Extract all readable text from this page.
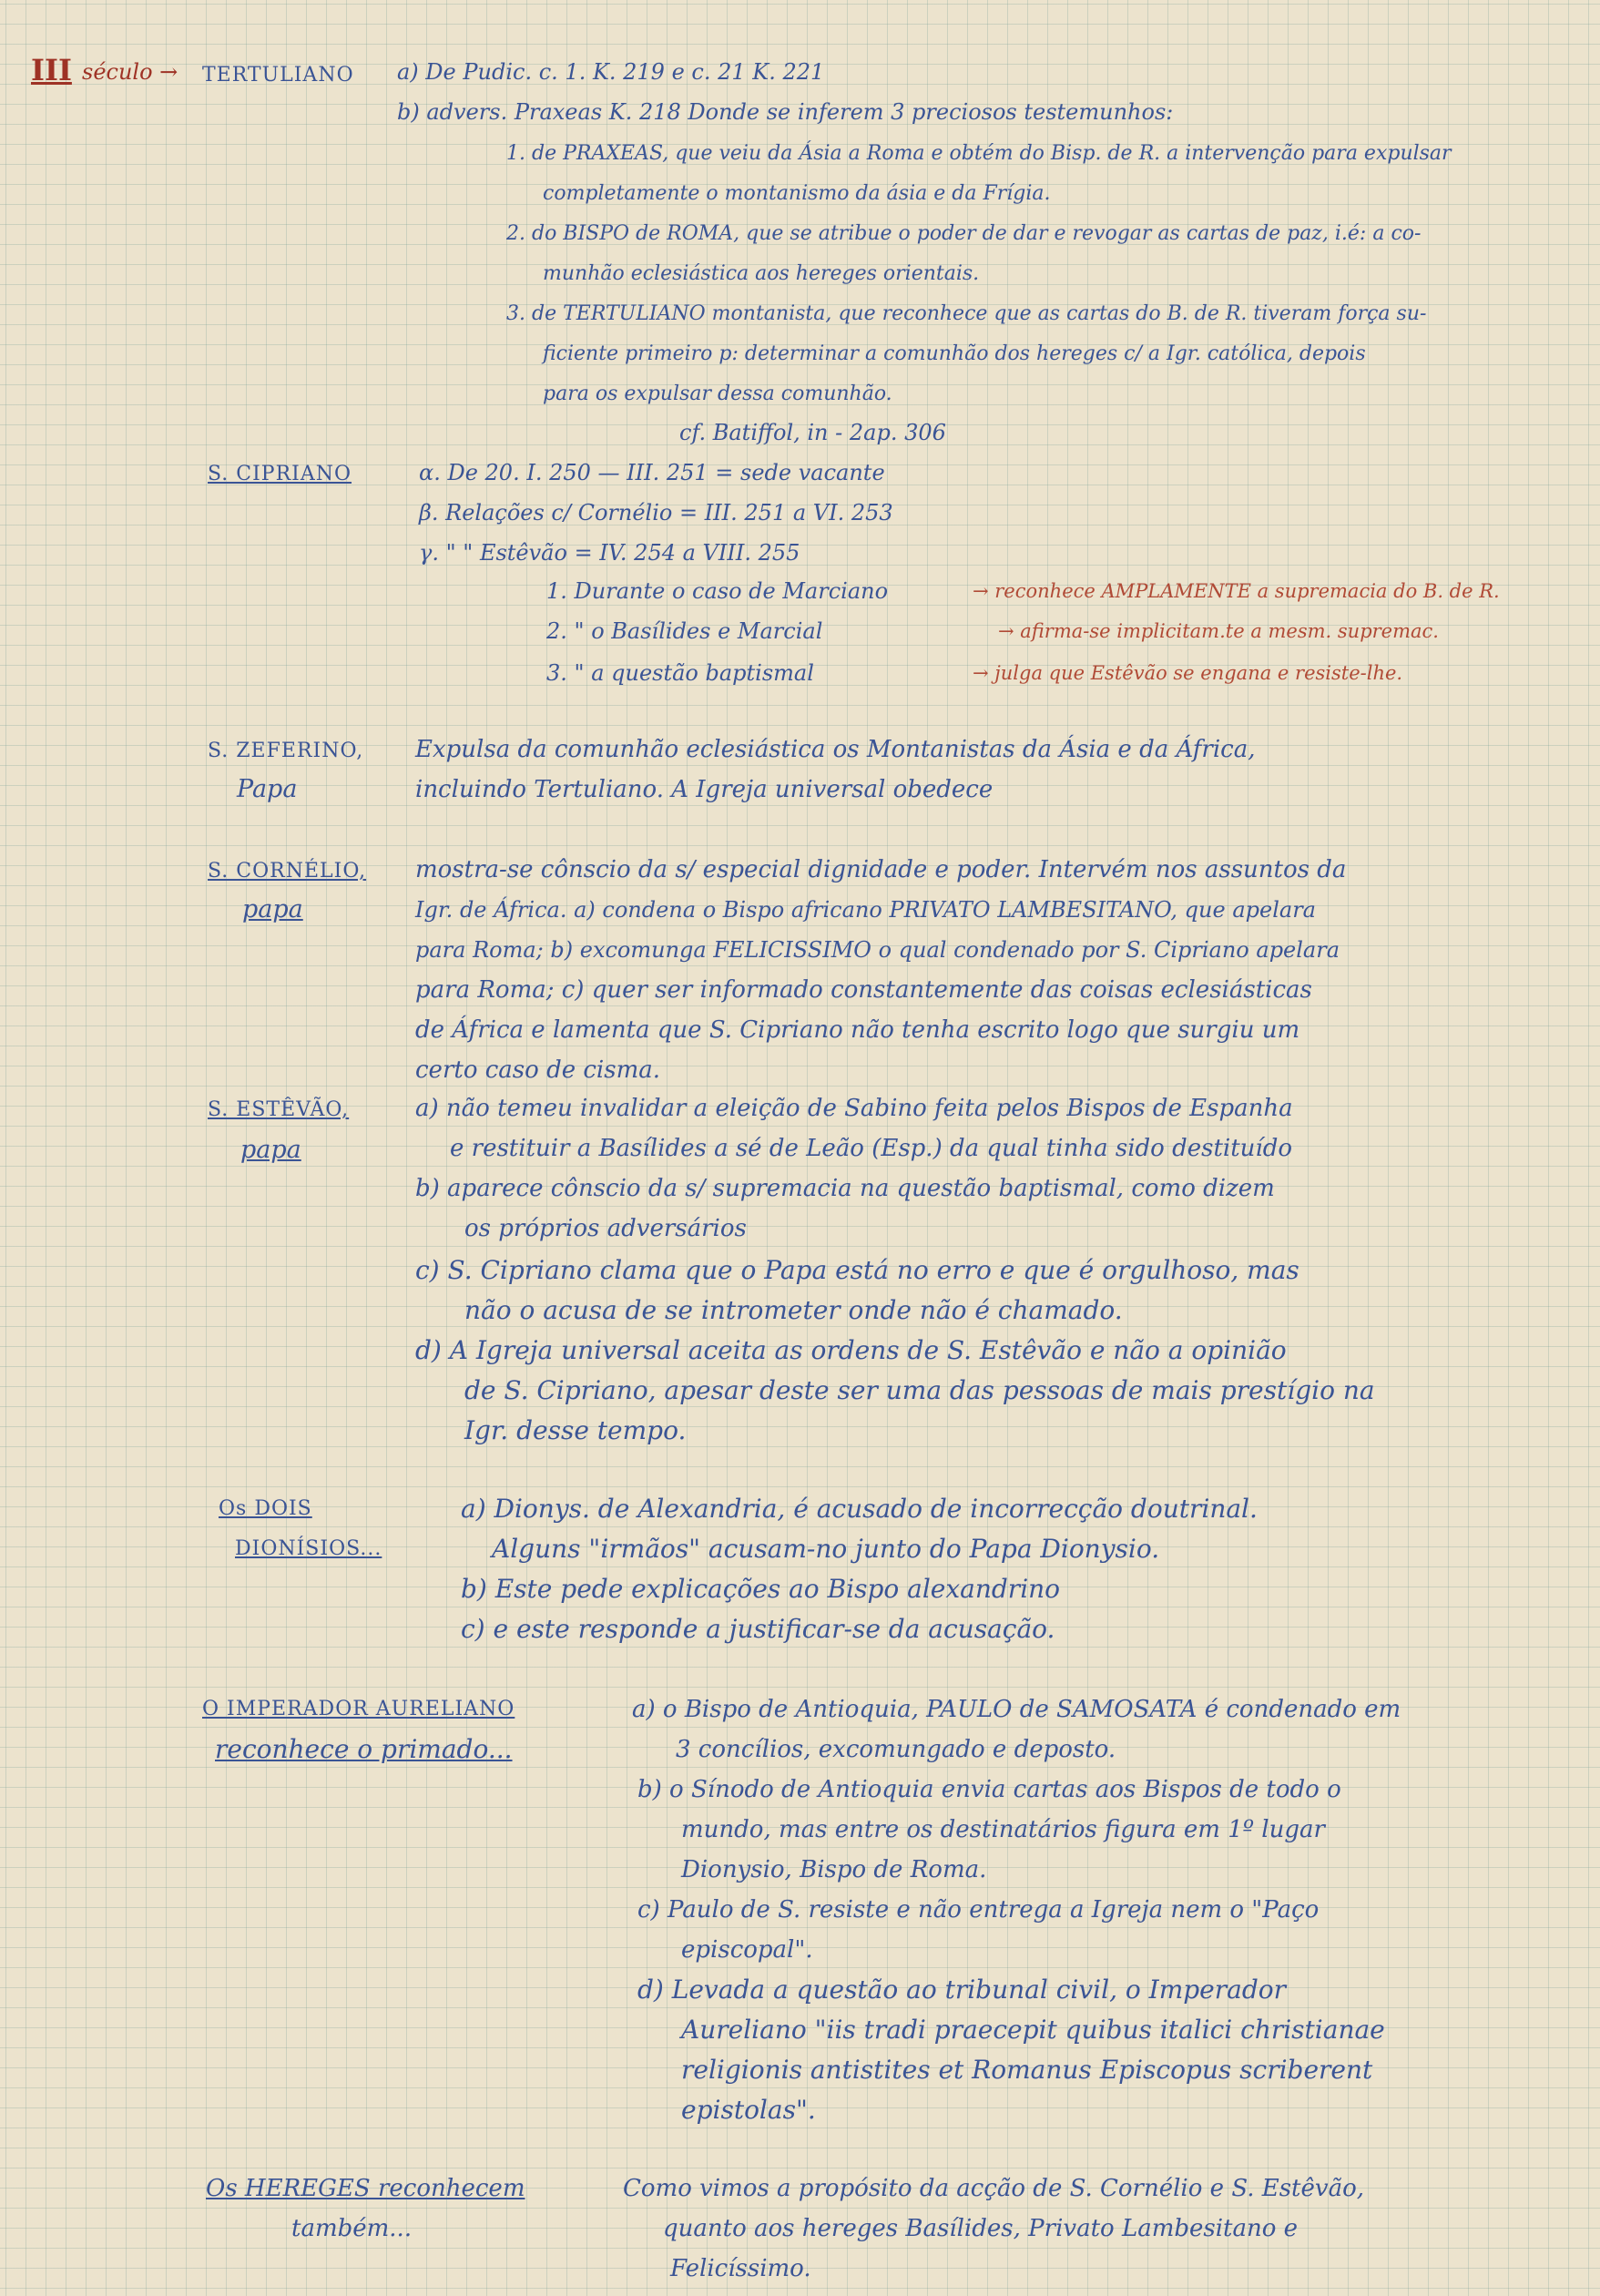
III século → TERTULIANO a) De Pudic. c. 1. K. 219 e c. 21 K. 221
b) advers. Praxeas K. 218 Donde se inferem 3 preciosos testemunhos:
1. de PRAXEAS, que veiu da Ásia a Roma e obtém do Bisp. de R. a intervenção para expulsar
completamente o montanismo da ásia e da Frígia.
2. do BISPO de ROMA, que se atribue o poder de dar e revogar as cartas de paz, i.é: a co-
munhão eclesiástica aos hereges orientais.
3. de TERTULIANO montanista, que reconhece que as cartas do B. de R. tiveram força su-
ficiente primeiro p: determinar a comunhão dos hereges c/ a Igr. católica, depois
para os expulsar dessa comunhão.
cf. Batiffol, in - 2ap. 306
S. CIPRIANO	α. De 20. I. 250 — III. 251 = sede vacante
β. Relações c/ Cornélio = III. 251 a VI. 253
γ. " " Estêvão = IV. 254 a VIII. 255
1. Durante o caso de Marciano	→ reconhece AMPLAMENTE a supremacia do B. de R.
2. " o Basílides e Marcial	→ afirma-se implicitam.te a mesm. supremac.
3. " a questão baptismal	→ julga que Estêvão se engana e resiste-lhe.
S. ZEFERINO,
Papa
Expulsa da comunhão eclesiástica os Montanistas da Ásia e da África,
incluindo Tertuliano. A Igreja universal obedece
S. CORNÉLIO,
papa
mostra-se cônscio da s/ especial dignidade e poder. Intervém nos assuntos da
Igr. de África. a) condena o Bispo africano PRIVATO LAMBESITANO, que apelara
para Roma; b) excomunga FELICISSIMO o qual condenado por S. Cipriano apelara
para Roma; c) quer ser informado constantemente das coisas eclesiásticas
de África e lamenta que S. Cipriano não tenha escrito logo que surgiu um
certo caso de cisma.
S. ESTÊVÃO,
papa
a) não temeu invalidar a eleição de Sabino feita pelos Bispos de Espanha
e restituir a Basílides a sé de Leão (Esp.) da qual tinha sido destituído
b) aparece cônscio da s/ supremacia na questão baptismal, como dizem
os próprios adversários
c) S. Cipriano clama que o Papa está no erro e que é orgulhoso, mas
não o acusa de se intrometer onde não é chamado.
d) A Igreja universal aceita as ordens de S. Estêvão e não a opinião
de S. Cipriano, apesar deste ser uma das pessoas de mais prestígio na
Igr. desse tempo.
Os DOIS
DIONÍSIOS...
a) Dionys. de Alexandria, é acusado de incorrecção doutrinal.
Alguns "irmãos" acusam-no junto do Papa Dionysio.
b) Este pede explicações ao Bispo alexandrino
c) e este responde a justificar-se da acusação.
O IMPERADOR AURELIANO
reconhece o primado...
a) o Bispo de Antioquia, PAULO de SAMOSATA é condenado em
3 concílios, excomungado e deposto.
b) o Sínodo de Antioquia envia cartas aos Bispos de todo o
mundo, mas entre os destinatários figura em 1º lugar
Dionysio, Bispo de Roma.
c) Paulo de S. resiste e não entrega a Igreja nem o "Paço
episcopal".
d) Levada a questão ao tribunal civil, o Imperador
Aureliano "iis tradi praecepit quibus italici christianae
religionis antistites et Romanus Episcopus scriberent
epistolas".
Os HEREGES reconhecem
também...
Como vimos a propósito da acção de S. Cornélio e S. Estêvão,
quanto aos hereges Basílides, Privato Lambesitano e
Felicíssimo.
